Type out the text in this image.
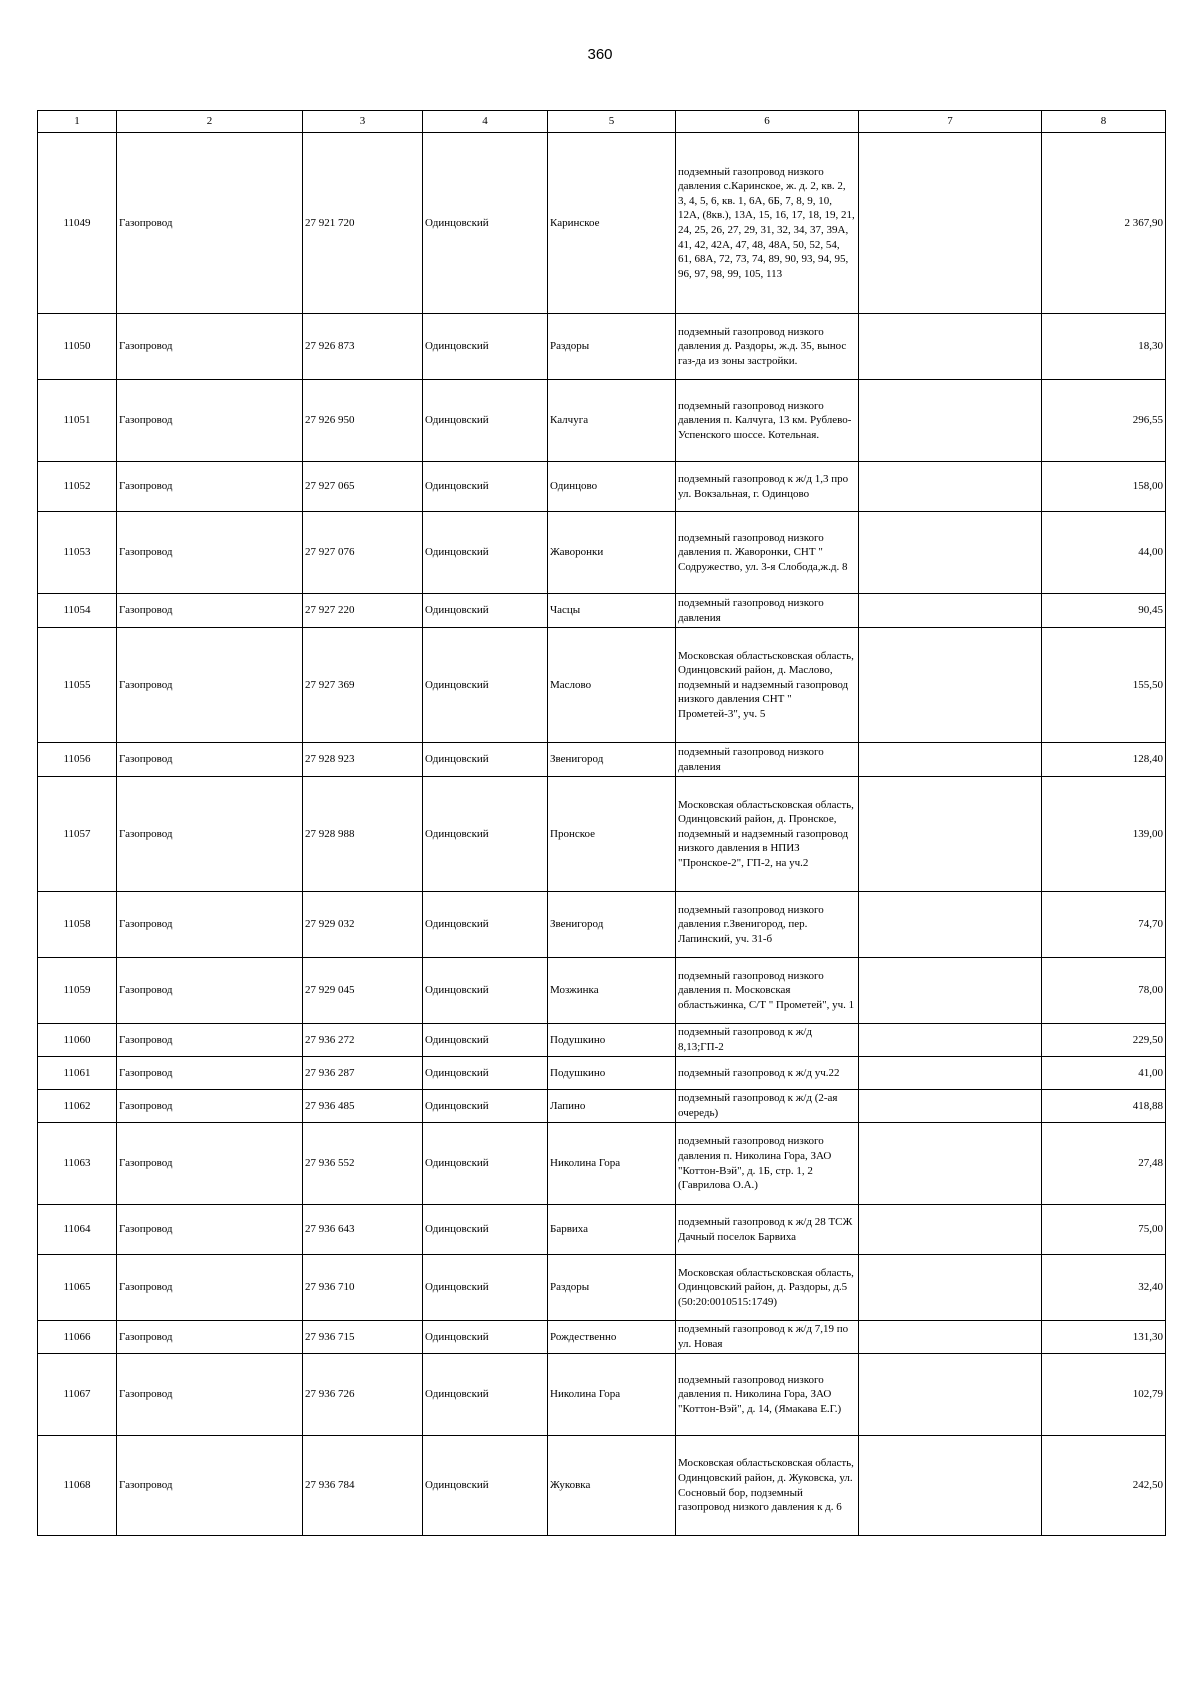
360
1	2	3	4	5	6	7	8
11049	Газопровод	27 921 720	Одинцовский	Каринское	подземный газопровод низкого давления с.Каринское, ж. д. 2, кв. 2, 3, 4, 5, 6, кв. 1, 6А, 6Б, 7, 8, 9, 10, 12А, (8кв.), 13А, 15, 16, 17, 18, 19, 21, 24, 25, 26, 27, 29, 31, 32, 34, 37, 39А, 41, 42, 42А, 47, 48, 48А, 50, 52, 54, 61, 68А, 72, 73, 74, 89, 90, 93, 94, 95, 96, 97, 98, 99, 105, 113		2 367,90
11050	Газопровод	27 926 873	Одинцовский	Раздоры	подземный газопровод низкого давления д. Раздоры, ж.д. 35, вынос газ-да из зоны застройки.		18,30
11051	Газопровод	27 926 950	Одинцовский	Калчуга	подземный газопровод низкого давления п. Калчуга, 13 км. Рублево-Успенского шоссе. Котельная.		296,55
11052	Газопровод	27 927 065	Одинцовский	Одинцово	подземный газопровод к ж/д 1,3 про ул. Вокзальная, г. Одинцово		158,00
11053	Газопровод	27 927 076	Одинцовский	Жаворонки	подземный газопровод низкого давления п. Жаворонки, СНТ " Содружество, ул. 3-я Слобода,ж.д. 8		44,00
11054	Газопровод	27 927 220	Одинцовский	Часцы	подземный газопровод низкого давления		90,45
11055	Газопровод	27 927 369	Одинцовский	Маслово	Московская областьсковская область, Одинцовский район, д. Маслово, подземный и надземный газопровод низкого давления СНТ " Прометей-3", уч. 5		155,50
11056	Газопровод	27 928 923	Одинцовский	Звенигород	подземный газопровод низкого давления		128,40
11057	Газопровод	27 928 988	Одинцовский	Пронское	Московская областьсковская область, Одинцовский район, д. Пронское, подземный и надземный газопровод низкого давления в НПИЗ "Пронское-2", ГП-2, на уч.2		139,00
11058	Газопровод	27 929 032	Одинцовский	Звенигород	подземный газопровод низкого давления г.Звенигород, пер. Лапинский, уч. 31-б		74,70
11059	Газопровод	27 929 045	Одинцовский	Мозжинка	подземный газопровод низкого давления п. Московская областьжинка, С/Т " Прометей", уч. 1		78,00
11060	Газопровод	27 936 272	Одинцовский	Подушкино	подземный газопровод к ж/д 8,13;ГП-2		229,50
11061	Газопровод	27 936 287	Одинцовский	Подушкино	подземный газопровод к ж/д уч.22		41,00
11062	Газопровод	27 936 485	Одинцовский	Лапино	подземный газопровод к ж/д (2-ая очередь)		418,88
11063	Газопровод	27 936 552	Одинцовский	Николина Гора	подземный газопровод низкого давления п. Николина Гора, ЗАО "Коттон-Вэй", д. 1Б, стр. 1, 2 (Гаврилова О.А.)		27,48
11064	Газопровод	27 936 643	Одинцовский	Барвиха	подземный газопровод к ж/д 28 ТСЖ Дачный поселок Барвиха		75,00
11065	Газопровод	27 936 710	Одинцовский	Раздоры	Московская областьсковская область, Одинцовский район, д. Раздоры, д.5 (50:20:0010515:1749)		32,40
11066	Газопровод	27 936 715	Одинцовский	Рождественно	подземный газопровод к ж/д 7,19 по ул. Новая		131,30
11067	Газопровод	27 936 726	Одинцовский	Николина Гора	подземный газопровод низкого давления п. Николина Гора, ЗАО "Коттон-Вэй", д. 14, (Ямакава Е.Г.)		102,79
11068	Газопровод	27 936 784	Одинцовский	Жуковка	Московская областьсковская область, Одинцовский район, д. Жуковска, ул. Сосновый бор, подземный газопровод низкого давления к д. 6		242,50
